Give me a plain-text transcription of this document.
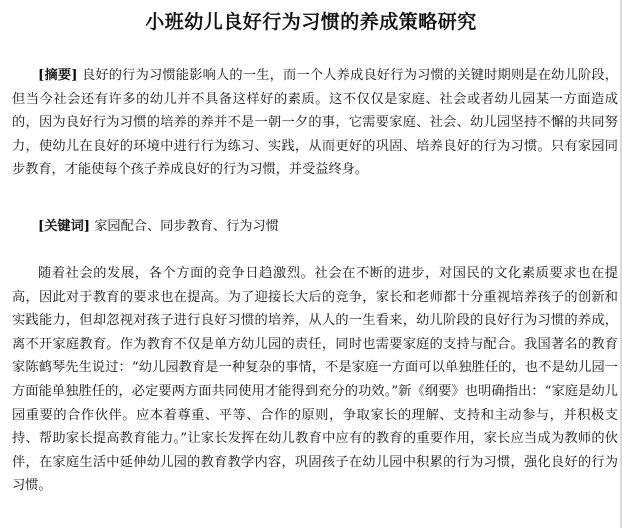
小班幼儿良好行为习惯的养成策略研究

[摘要] 良好的行为习惯能影响人的一生，而一个人养成良好行为习惯的关键时期则是在幼儿阶段，但当今社会还有许多的幼儿并不具备这样好的素质。这不仅仅是家庭、社会或者幼儿园某一方面造成的，因为良好行为习惯的培养的养并不是一朝一夕的事，它需要家庭、社会、幼儿园坚持不懈的共同努力，使幼儿在良好的环境中进行行为练习、实践，从而更好的巩固、培养良好的行为习惯。只有家园同步教育，才能使每个孩子养成良好的行为习惯，并受益终身。

[关键词] 家园配合、同步教育、行为习惯

随着社会的发展，各个方面的竞争日趋激烈。社会在不断的进步，对国民的文化素质要求也在提高，因此对于教育的要求也在提高。为了迎接长大后的竞争，家长和老师都十分重视培养孩子的创新和实践能力，但却忽视对孩子进行良好习惯的培养，从人的一生看来，幼儿阶段的良好行为习惯的养成，离不开家庭教育。作为教育不仅是单方幼儿园的责任，同时也需要家庭的支持与配合。我国著名的教育家陈鹤琴先生说过：“幼儿园教育是一种复杂的事情，不是家庭一方面可以单独胜任的，也不是幼儿园一方面能单独胜任的，必定要两方面共同使用才能得到充分的功效。”新《纲要》也明确指出：“家庭是幼儿园重要的合作伙伴。应本着尊重、平等、合作的原则，争取家长的理解、支持和主动参与，并积极支持、帮助家长提高教育能力。”让家长发挥在幼儿教育中应有的教育的重要作用，家长应当成为教师的伙伴，在家庭生活中延伸幼儿园的教育教学内容，巩固孩子在幼儿园中积累的行为习惯，强化良好的行为习惯。
